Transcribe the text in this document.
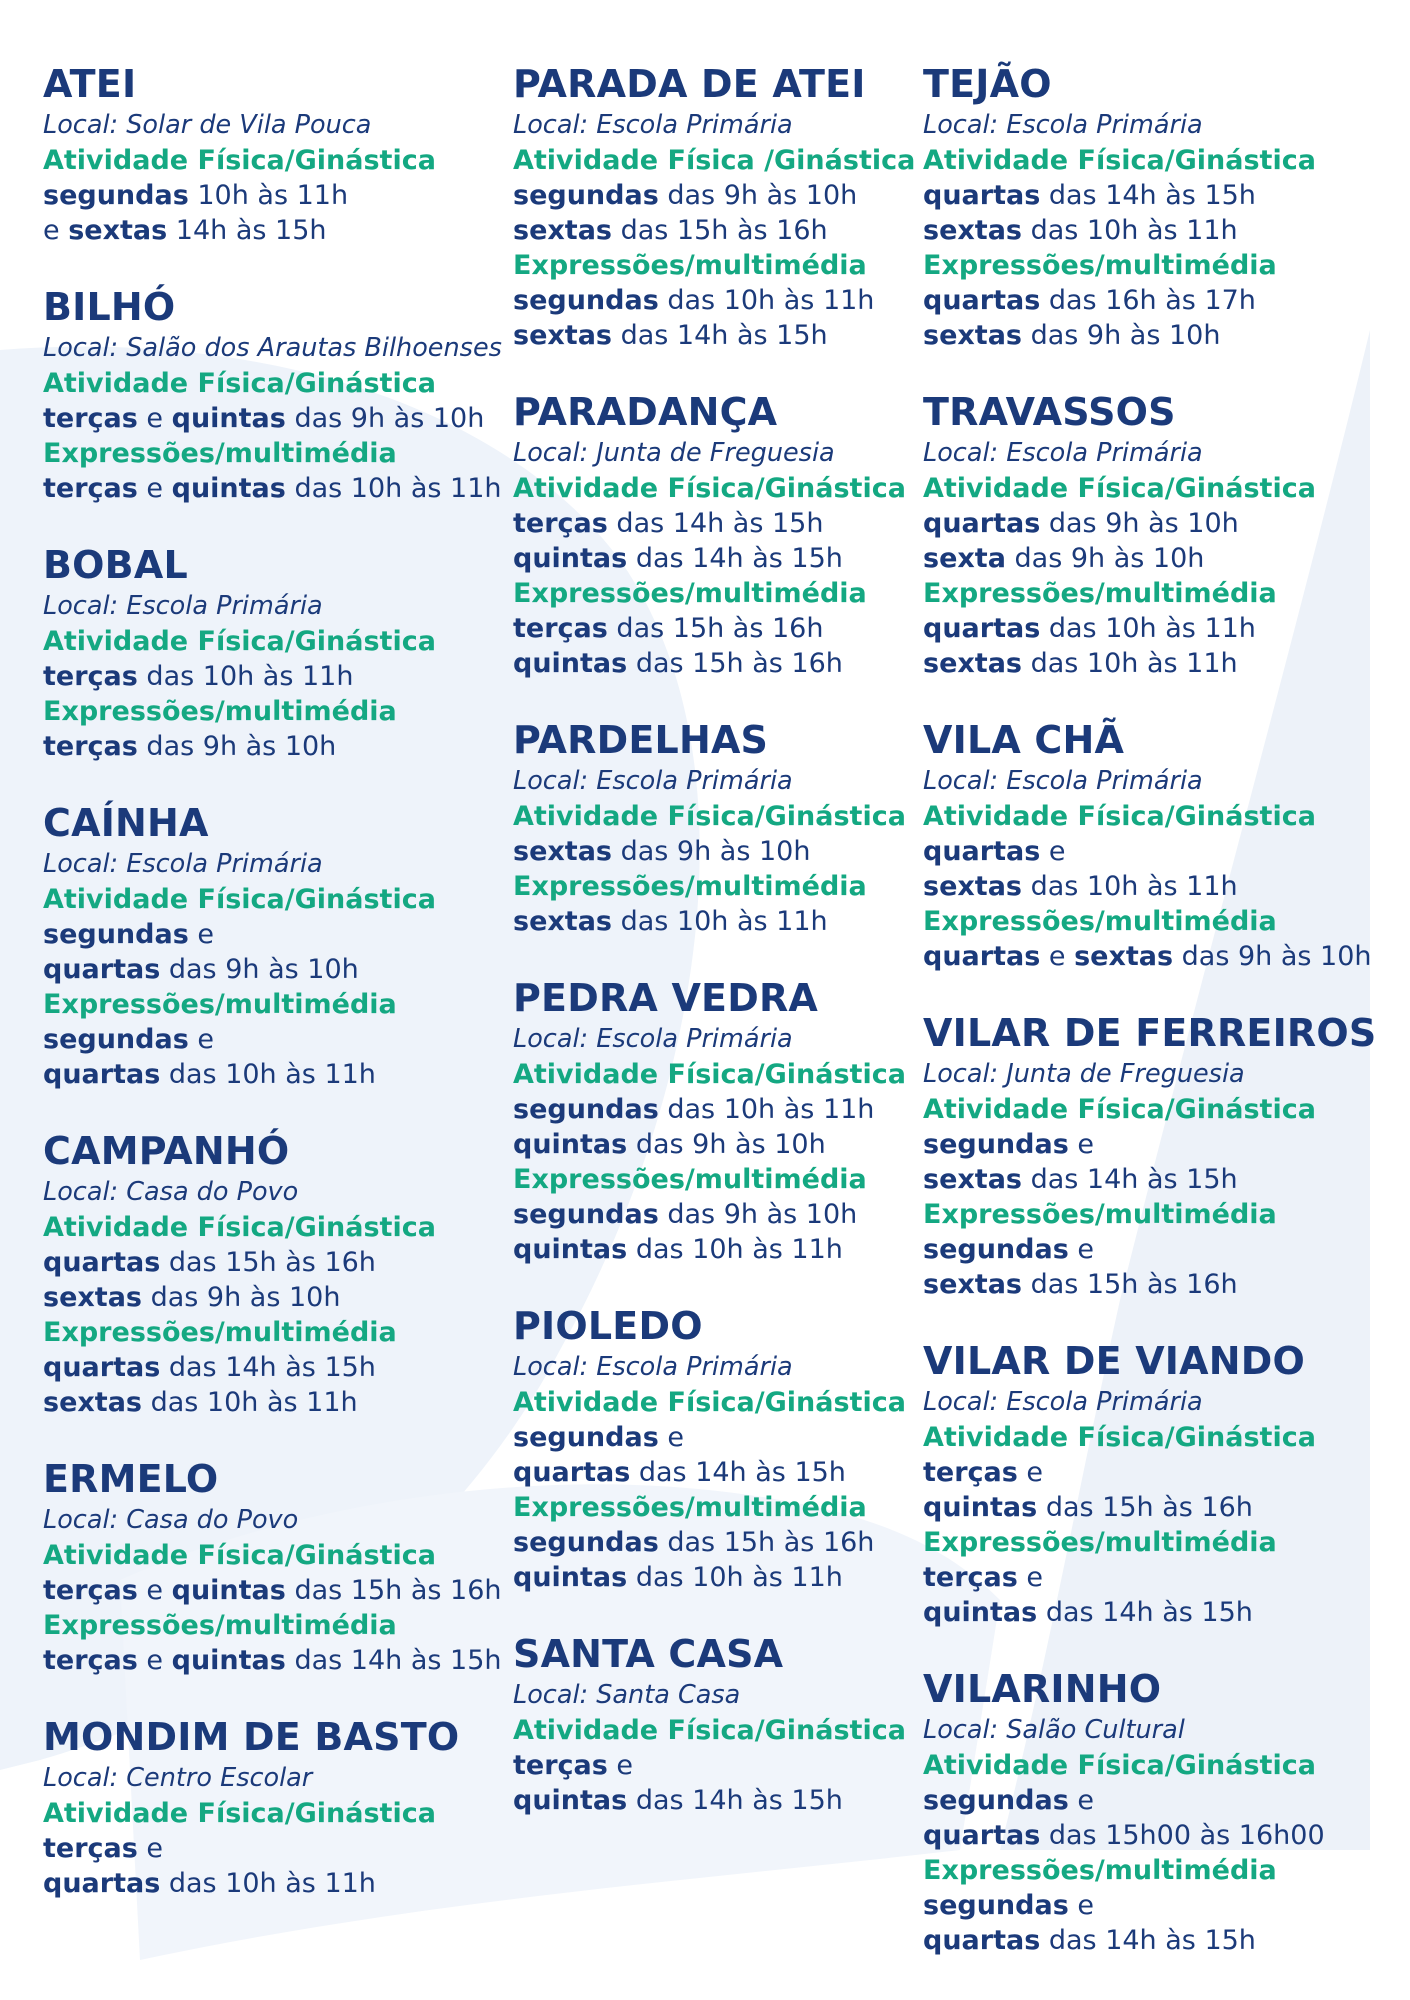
ATEI
Local: Solar de Vila Pouca
Atividade Física/Ginástica
segundas 10h às 11h
e sextas 14h às 15h
BILHÓ
Local: Salão dos Arautas Bilhoenses
Atividade Física/Ginástica
terças e quintas das 9h às 10h
Expressões/multimédia
terças e quintas das 10h às 11h
BOBAL
Local: Escola Primária
Atividade Física/Ginástica
terças das 10h às 11h
Expressões/multimédia
terças das 9h às 10h
CAÍNHA
Local: Escola Primária
Atividade Física/Ginástica
segundas e
quartas das 9h às 10h
Expressões/multimédia
segundas e
quartas das 10h às 11h
CAMPANHÓ
Local: Casa do Povo
Atividade Física/Ginástica
quartas das 15h às 16h
sextas das 9h às 10h
Expressões/multimédia
quartas das 14h às 15h
sextas das 10h às 11h
ERMELO
Local: Casa do Povo
Atividade Física/Ginástica
terças e quintas das 15h às 16h
Expressões/multimédia
terças e quintas das 14h às 15h
MONDIM DE BASTO
Local: Centro Escolar
Atividade Física/Ginástica
terças e
quartas das 10h às 11h
PARADA DE ATEI
Local: Escola Primária
Atividade Física /Ginástica
segundas das 9h às 10h
sextas das 15h às 16h
Expressões/multimédia
segundas das 10h às 11h
sextas das 14h às 15h
PARADANÇA
Local: Junta de Freguesia
Atividade Física/Ginástica
terças das 14h às 15h
quintas das 14h às 15h
Expressões/multimédia
terças das 15h às 16h
quintas das 15h às 16h
PARDELHAS
Local: Escola Primária
Atividade Física/Ginástica
sextas das 9h às 10h
Expressões/multimédia
sextas das 10h às 11h
PEDRA VEDRA
Local: Escola Primária
Atividade Física/Ginástica
segundas das 10h às 11h
quintas das 9h às 10h
Expressões/multimédia
segundas das 9h às 10h
quintas das 10h às 11h
PIOLEDO
Local: Escola Primária
Atividade Física/Ginástica
segundas e
quartas das 14h às 15h
Expressões/multimédia
segundas das 15h às 16h
quintas das 10h às 11h
SANTA CASA
Local: Santa Casa
Atividade Física/Ginástica
terças e
quintas das 14h às 15h
TEJÃO
Local: Escola Primária
Atividade Física/Ginástica
quartas das 14h às 15h
sextas das 10h às 11h
Expressões/multimédia
quartas das 16h às 17h
sextas das 9h às 10h
TRAVASSOS
Local: Escola Primária
Atividade Física/Ginástica
quartas das 9h às 10h
sexta das 9h às 10h
Expressões/multimédia
quartas das 10h às 11h
sextas das 10h às 11h
VILA CHÃ
Local: Escola Primária
Atividade Física/Ginástica
quartas e
sextas das 10h às 11h
Expressões/multimédia
quartas e sextas das 9h às 10h
VILAR DE FERREIROS
Local: Junta de Freguesia
Atividade Física/Ginástica
segundas e
sextas das 14h às 15h
Expressões/multimédia
segundas e
sextas das 15h às 16h
VILAR DE VIANDO
Local: Escola Primária
Atividade Física/Ginástica
terças e
quintas das 15h às 16h
Expressões/multimédia
terças e
quintas das 14h às 15h
VILARINHO
Local: Salão Cultural
Atividade Física/Ginástica
segundas e
quartas das 15h00 às 16h00
Expressões/multimédia
segundas e
quartas das 14h às 15h
